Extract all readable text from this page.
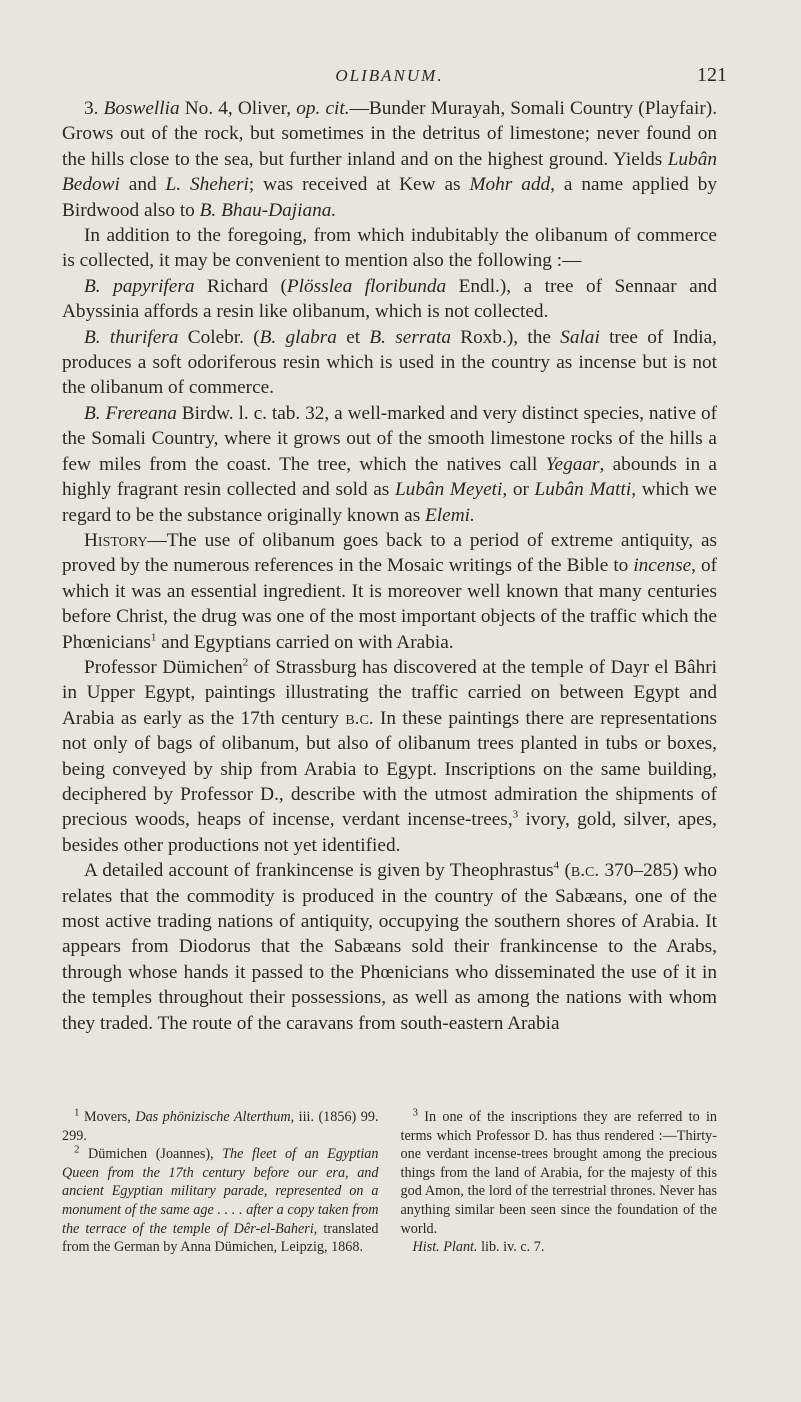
OLIBANUM.	121

3. Boswellia No. 4, Oliver, op. cit.—Bunder Murayah, Somali Country (Playfair). Grows out of the rock, but sometimes in the detritus of limestone; never found on the hills close to the sea, but further inland and on the highest ground. Yields Lubân Bedowi and L. Sheheri; was received at Kew as Mohr add, a name applied by Birdwood also to B. Bhau-Dajiana.

In addition to the foregoing, from which indubitably the olibanum of commerce is collected, it may be convenient to mention also the following :—

B. papyrifera Richard (Plösslea floribunda Endl.), a tree of Sennaar and Abyssinia affords a resin like olibanum, which is not collected.

B. thurifera Colebr. (B. glabra et B. serrata Roxb.), the Salai tree of India, produces a soft odoriferous resin which is used in the country as incense but is not the olibanum of commerce.

B. Frereana Birdw. l. c. tab. 32, a well-marked and very distinct species, native of the Somali Country, where it grows out of the smooth limestone rocks of the hills a few miles from the coast. The tree, which the natives call Yegaar, abounds in a highly fragrant resin collected and sold as Lubân Meyeti, or Lubân Matti, which we regard to be the substance originally known as Elemi.

History—The use of olibanum goes back to a period of extreme antiquity, as proved by the numerous references in the Mosaic writings of the Bible to incense, of which it was an essential ingredient. It is moreover well known that many centuries before Christ, the drug was one of the most important objects of the traffic which the Phœnicians$^1$ and Egyptians carried on with Arabia.

Professor Dümichen$^2$ of Strassburg has discovered at the temple of Dayr el Bâhri in Upper Egypt, paintings illustrating the traffic carried on between Egypt and Arabia as early as the 17th century b.c. In these paintings there are representations not only of bags of olibanum, but also of olibanum trees planted in tubs or boxes, being conveyed by ship from Arabia to Egypt. Inscriptions on the same building, deciphered by Professor D., describe with the utmost admiration the shipments of precious woods, heaps of incense, verdant incense-trees,$^3$ ivory, gold, silver, apes, besides other productions not yet identified.

A detailed account of frankincense is given by Theophrastus$^4$ (b.c. 370–285) who relates that the commodity is produced in the country of the Sabæans, one of the most active trading nations of antiquity, occupying the southern shores of Arabia. It appears from Diodorus that the Sabæans sold their frankincense to the Arabs, through whose hands it passed to the Phœnicians who disseminated the use of it in the temples throughout their possessions, as well as among the nations with whom they traded. The route of the caravans from south-eastern Arabia

$^1$ Movers, Das phönizische Alterthum, iii. (1856) 99. 299.

$^2$ Dümichen (Joannes), The fleet of an Egyptian Queen from the 17th century before our era, and ancient Egyptian military parade, represented on a monument of the same age . . . . after a copy taken from the terrace of the temple of Dêr-el-Baheri, translated from the German by Anna Dümichen, Leipzig, 1868.

$^3$ In one of the inscriptions they are referred to in terms which Professor D. has thus rendered :—Thirty-one verdant incense-trees brought among the precious things from the land of Arabia, for the majesty of this god Amon, the lord of the terrestrial thrones. Never has anything similar been seen since the foundation of the world.

Hist. Plant. lib. iv. c. 7.
